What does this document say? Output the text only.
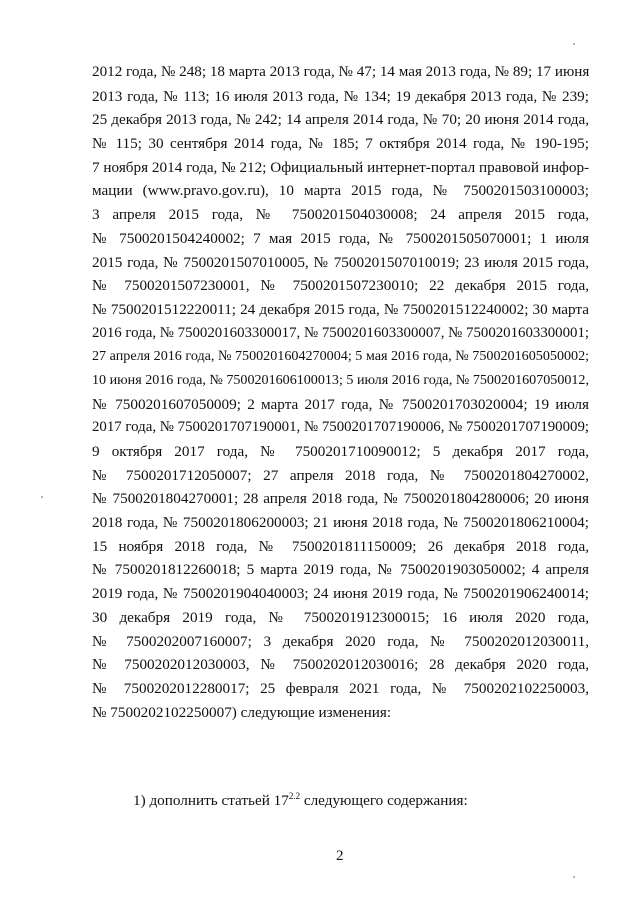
2012 года, № 248; 18 марта 2013 года, № 47; 14 мая 2013 года, № 89; 17 июня
2013 года, № 113; 16 июля 2013 года, № 134; 19 декабря 2013 года, № 239;
25 декабря 2013 года, № 242; 14 апреля 2014 года, № 70; 20 июня 2014 года,
№ 115; 30 сентября 2014 года, № 185; 7 октября 2014 года, № 190-195;
7 ноября 2014 года, № 212; Официальный интернет-портал правовой инфор-
мации (www.pravo.gov.ru), 10 марта 2015 года, № 7500201503100003;
3 апреля 2015 года, № 7500201504030008; 24 апреля 2015 года,
№ 7500201504240002; 7 мая 2015 года, № 7500201505070001; 1 июля
2015 года, № 7500201507010005, № 7500201507010019; 23 июля 2015 года,
№ 7500201507230001, № 7500201507230010; 22 декабря 2015 года,
№ 7500201512220011; 24 декабря 2015 года, № 7500201512240002; 30 марта
2016 года, № 7500201603300017, № 7500201603300007, № 7500201603300001;
27 апреля 2016 года, № 7500201604270004; 5 мая 2016 года, № 7500201605050002;
10 июня 2016 года, № 7500201606100013; 5 июля 2016 года, № 7500201607050012,
№ 7500201607050009; 2 марта 2017 года, № 7500201703020004; 19 июля
2017 года, № 7500201707190001, № 7500201707190006, № 7500201707190009;
9 октября 2017 года, № 7500201710090012; 5 декабря 2017 года,
№ 7500201712050007; 27 апреля 2018 года, № 7500201804270002,
№ 7500201804270001; 28 апреля 2018 года, № 7500201804280006; 20 июня
2018 года, № 7500201806200003; 21 июня 2018 года, № 7500201806210004;
15 ноября 2018 года, № 7500201811150009; 26 декабря 2018 года,
№ 7500201812260018; 5 марта 2019 года, № 7500201903050002; 4 апреля
2019 года, № 7500201904040003; 24 июня 2019 года, № 7500201906240014;
30 декабря 2019 года, № 7500201912300015; 16 июля 2020 года,
№ 7500202007160007; 3 декабря 2020 года, № 7500202012030011,
№ 7500202012030003, № 7500202012030016; 28 декабря 2020 года,
№ 7500202012280017; 25 февраля 2021 года, № 7500202102250003,
№ 7500202102250007) следующие изменения:
1) дополнить статьей $17^{2.2}$ следующего содержания:
2
